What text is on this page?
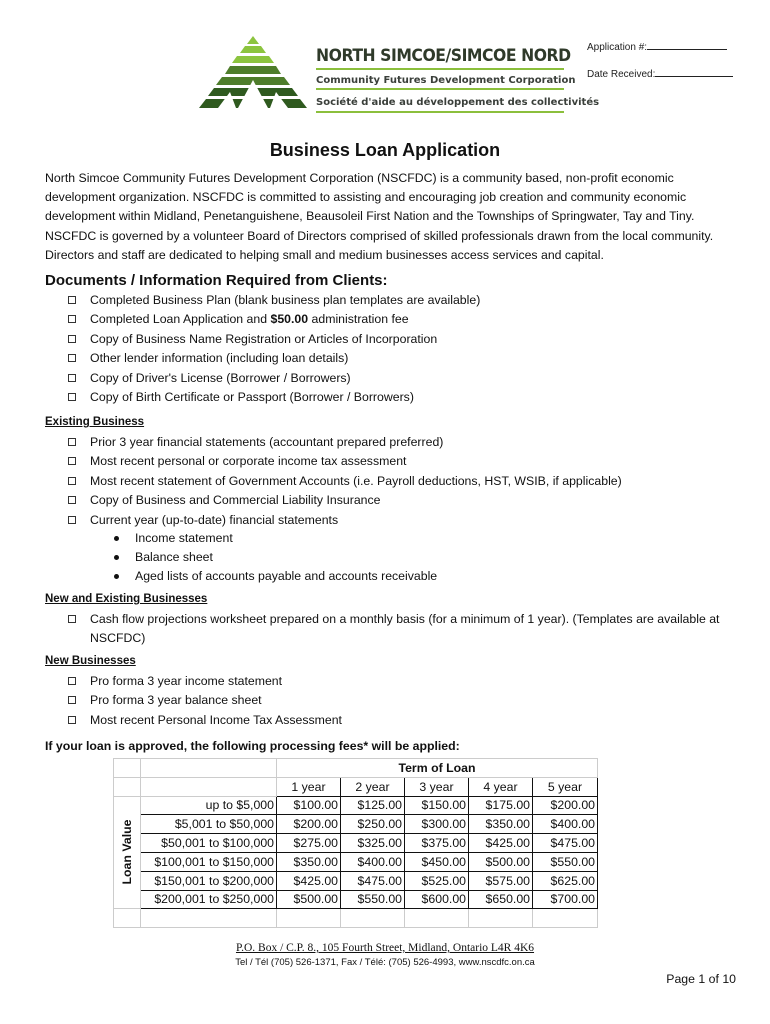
NORTH SIMCOE/SIMCOE NORD
Community Futures Development Corporation
Société d'aide au développement des collectivités
Application #:
Date Received:
Business Loan Application
North Simcoe Community Futures Development Corporation (NSCFDC) is a community based, non-profit economic development organization. NSCFDC is committed to assisting and encouraging job creation and community economic development within Midland, Penetanguishene, Beausoleil First Nation and the Townships of Springwater, Tay and Tiny.
NSCFDC is governed by a volunteer Board of Directors comprised of skilled professionals drawn from the local community. Directors and staff are dedicated to helping small and medium businesses access services and capital.
Documents / Information Required from Clients:
Completed Business Plan (blank business plan templates are available)
Completed Loan Application and $50.00 administration fee
Copy of Business Name Registration or Articles of Incorporation
Other lender information (including loan details)
Copy of Driver's License (Borrower / Borrowers)
Copy of Birth Certificate or Passport (Borrower / Borrowers)
Existing Business
Prior 3 year financial statements (accountant prepared preferred)
Most recent personal or corporate income tax assessment
Most recent statement of Government Accounts (i.e. Payroll deductions, HST, WSIB, if applicable)
Copy of Business and Commercial Liability Insurance
Current year (up-to-date) financial statements
Income statement
Balance sheet
Aged lists of accounts payable and accounts receivable
New and Existing Businesses
Cash flow projections worksheet prepared on a monthly basis (for a minimum of 1 year). (Templates are available at NSCFDC)
New Businesses
Pro forma 3 year income statement
Pro forma 3 year balance sheet
Most recent Personal Income Tax Assessment
If your loan is approved, the following processing fees* will be applied:
		Term of Loan				
		1 year	2 year	3 year	4 year	5 year

Loan Value	up to $5,000	$100.00	$125.00	$150.00	$175.00	$200.00
	$5,001 to $50,000	$200.00	$250.00	$300.00	$350.00	$400.00
	$50,001 to $100,000	$275.00	$325.00	$375.00	$425.00	$475.00
	$100,001 to $150,000	$350.00	$400.00	$450.00	$500.00	$550.00
	$150,001 to $200,000	$425.00	$475.00	$525.00	$575.00	$625.00
	$200,001 to $250,000	$500.00	$550.00	$600.00	$650.00	$700.00

P.O. Box / C.P. 8., 105 Fourth Street, Midland, Ontario L4R 4K6
Tel / Tél (705) 526-1371, Fax / Télé: (705) 526-4993, www.nscdfc.on.ca
Page 1 of 10
